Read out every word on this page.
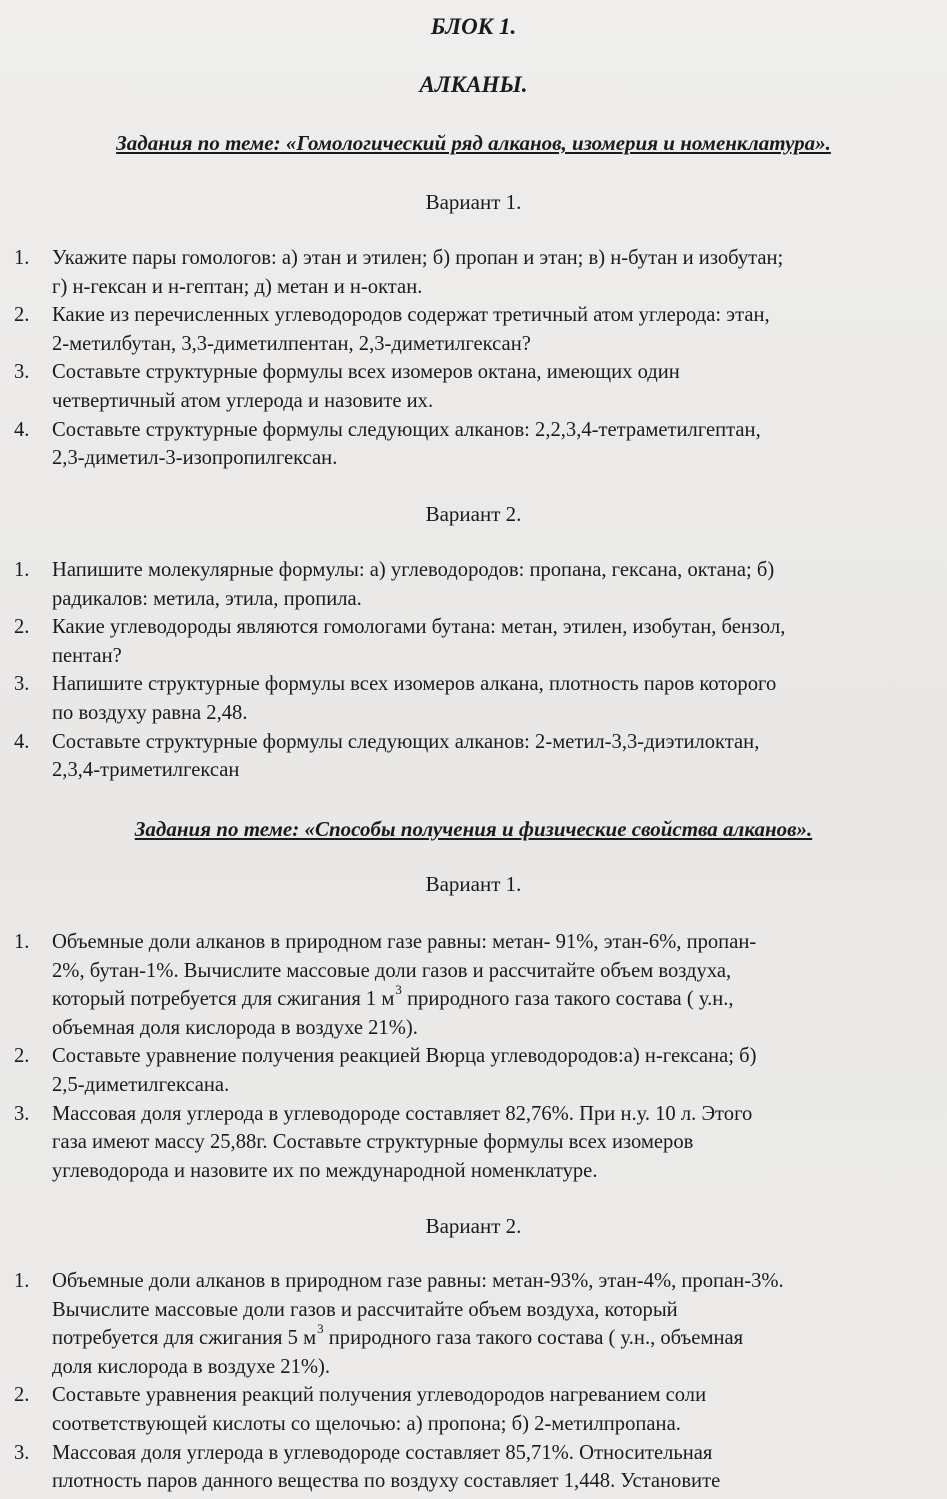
БЛОК 1.
АЛКАНЫ.
Задания по теме: «Гомологический ряд алканов, изомерия и номенклатура».
Вариант 1.
1. Укажите пары гомологов: а) этан и этилен; б) пропан и этан; в) н-бутан и изобутан;
г) н-гексан и н-гептан; д) метан и н-октан.
2. Какие из перечисленных углеводородов содержат третичный атом углерода: этан,
2-метилбутан, 3,3-диметилпентан, 2,3-диметилгексан?
3. Составьте структурные формулы всех изомеров октана, имеющих один
четвертичный атом углерода и назовите их.
4. Составьте структурные формулы следующих алканов: 2,2,3,4-тетраметилгептан,
2,3-диметил-3-изопропилгексан.
Вариант 2.
1. Напишите молекулярные формулы: а) углеводородов: пропана, гексана, октана; б)
радикалов: метила, этила, пропила.
2. Какие углеводороды являются гомологами бутана: метан, этилен, изобутан, бензол,
пентан?
3. Напишите структурные формулы всех изомеров алкана, плотность паров которого
по воздуху равна 2,48.
4. Составьте структурные формулы следующих алканов: 2-метил-3,3-диэтилоктан,
2,3,4-триметилгексан
Задания по теме: «Способы получения и физические свойства алканов».
Вариант 1.
1. Объемные доли алканов в природном газе равны: метан- 91%, этан-6%, пропан-
2%, бутан-1%. Вычислите массовые доли газов и рассчитайте объем воздуха,
который потребуется для сжигания 1 $м^3$ природного газа такого состава ( у.н.,
объемная доля кислорода в воздухе 21%).
2. Составьте уравнение получения реакцией Вюрца углеводородов:а) н-гексана; б)
2,5-диметилгексана.
3. Массовая доля углерода в углеводороде составляет 82,76%. При н.у. 10 л. Этого
газа имеют массу 25,88г. Составьте структурные формулы всех изомеров
углеводорода и назовите их по международной номенклатуре.
Вариант 2.
1. Объемные доли алканов в природном газе равны: метан-93%, этан-4%, пропан-3%.
Вычислите массовые доли газов и рассчитайте объем воздуха, который
потребуется для сжигания 5 $м^3$ природного газа такого состава ( у.н., объемная
доля кислорода в воздухе 21%).
2. Составьте уравнения реакций получения углеводородов нагреванием соли
соответствующей кислоты со щелочью: а) пропона; б) 2-метилпропана.
3. Массовая доля углерода в углеводороде составляет 85,71%. Относительная
плотность паров данного вещества по воздуху составляет 1,448. Установите
